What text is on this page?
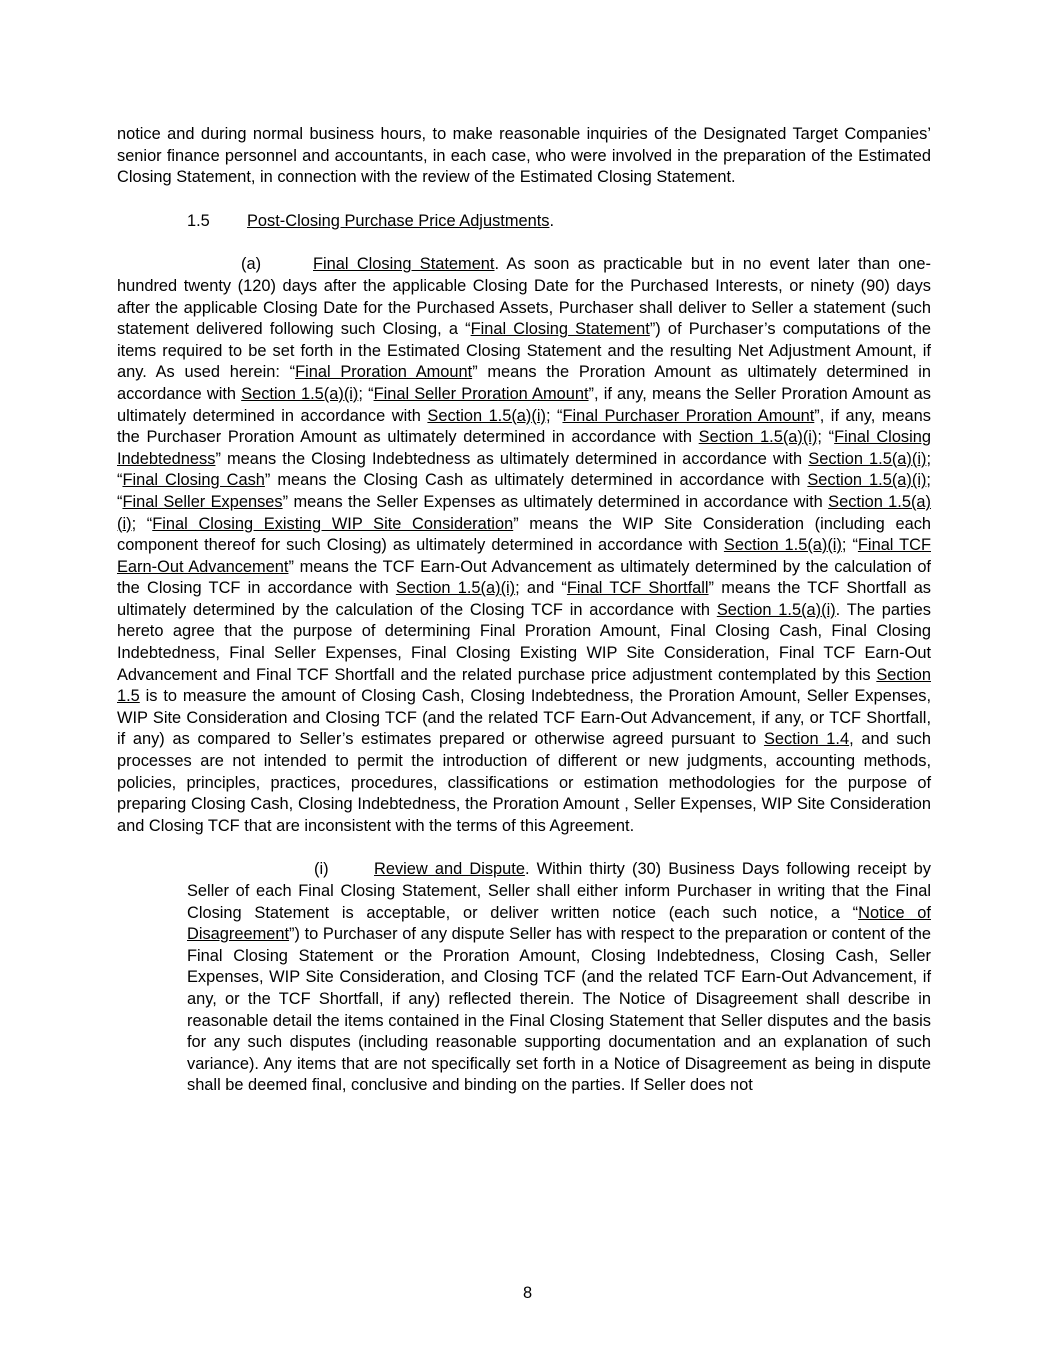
notice and during normal business hours, to make reasonable inquiries of the Designated Target Companies’ senior finance personnel and accountants, in each case, who were involved in the preparation of the Estimated Closing Statement, in connection with the review of the Estimated Closing Statement.

1.5 Post-Closing Purchase Price Adjustments.

(a)	Final Closing Statement. As soon as practicable but in no event later than one-hundred twenty (120) days after the applicable Closing Date for the Purchased Interests, or ninety (90) days after the applicable Closing Date for the Purchased Assets, Purchaser shall deliver to Seller a statement (such statement delivered following such Closing, a “Final Closing Statement”) of Purchaser’s computations of the items required to be set forth in the Estimated Closing Statement and the resulting Net Adjustment Amount, if any. As used herein: “Final Proration Amount” means the Proration Amount as ultimately determined in accordance with Section 1.5(a)(i); “Final Seller Proration Amount”, if any, means the Seller Proration Amount as ultimately determined in accordance with Section 1.5(a)(i); “Final Purchaser Proration Amount”, if any, means the Purchaser Proration Amount as ultimately determined in accordance with Section 1.5(a)(i); “Final Closing Indebtedness” means the Closing Indebtedness as ultimately determined in accordance with Section 1.5(a)(i); “Final Closing Cash” means the Closing Cash as ultimately determined in accordance with Section 1.5(a)(i); “Final Seller Expenses” means the Seller Expenses as ultimately determined in accordance with Section 1.5(a)(i); “Final Closing Existing WIP Site Consideration” means the WIP Site Consideration (including each component thereof for such Closing) as ultimately determined in accordance with Section 1.5(a)(i); “Final TCF Earn-Out Advancement” means the TCF Earn-Out Advancement as ultimately determined by the calculation of the Closing TCF in accordance with Section 1.5(a)(i); and “Final TCF Shortfall” means the TCF Shortfall as ultimately determined by the calculation of the Closing TCF in accordance with Section 1.5(a)(i). The parties hereto agree that the purpose of determining Final Proration Amount, Final Closing Cash, Final Closing Indebtedness, Final Seller Expenses, Final Closing Existing WIP Site Consideration, Final TCF Earn-Out Advancement and Final TCF Shortfall and the related purchase price adjustment contemplated by this Section 1.5 is to measure the amount of Closing Cash, Closing Indebtedness, the Proration Amount, Seller Expenses, WIP Site Consideration and Closing TCF (and the related TCF Earn-Out Advancement, if any, or TCF Shortfall, if any) as compared to Seller’s estimates prepared or otherwise agreed pursuant to Section 1.4, and such processes are not intended to permit the introduction of different or new judgments, accounting methods, policies, principles, practices, procedures, classifications or estimation methodologies for the purpose of preparing Closing Cash, Closing Indebtedness, the Proration Amount , Seller Expenses, WIP Site Consideration and Closing TCF that are inconsistent with the terms of this Agreement.

(i)	Review and Dispute. Within thirty (30) Business Days following receipt by Seller of each Final Closing Statement, Seller shall either inform Purchaser in writing that the Final Closing Statement is acceptable, or deliver written notice (each such notice, a “Notice of Disagreement”) to Purchaser of any dispute Seller has with respect to the preparation or content of the Final Closing Statement or the Proration Amount, Closing Indebtedness, Closing Cash, Seller Expenses, WIP Site Consideration, and Closing TCF (and the related TCF Earn-Out Advancement, if any, or the TCF Shortfall, if any) reflected therein. The Notice of Disagreement shall describe in reasonable detail the items contained in the Final Closing Statement that Seller disputes and the basis for any such disputes (including reasonable supporting documentation and an explanation of such variance). Any items that are not specifically set forth in a Notice of Disagreement as being in dispute shall be deemed final, conclusive and binding on the parties. If Seller does not

8
